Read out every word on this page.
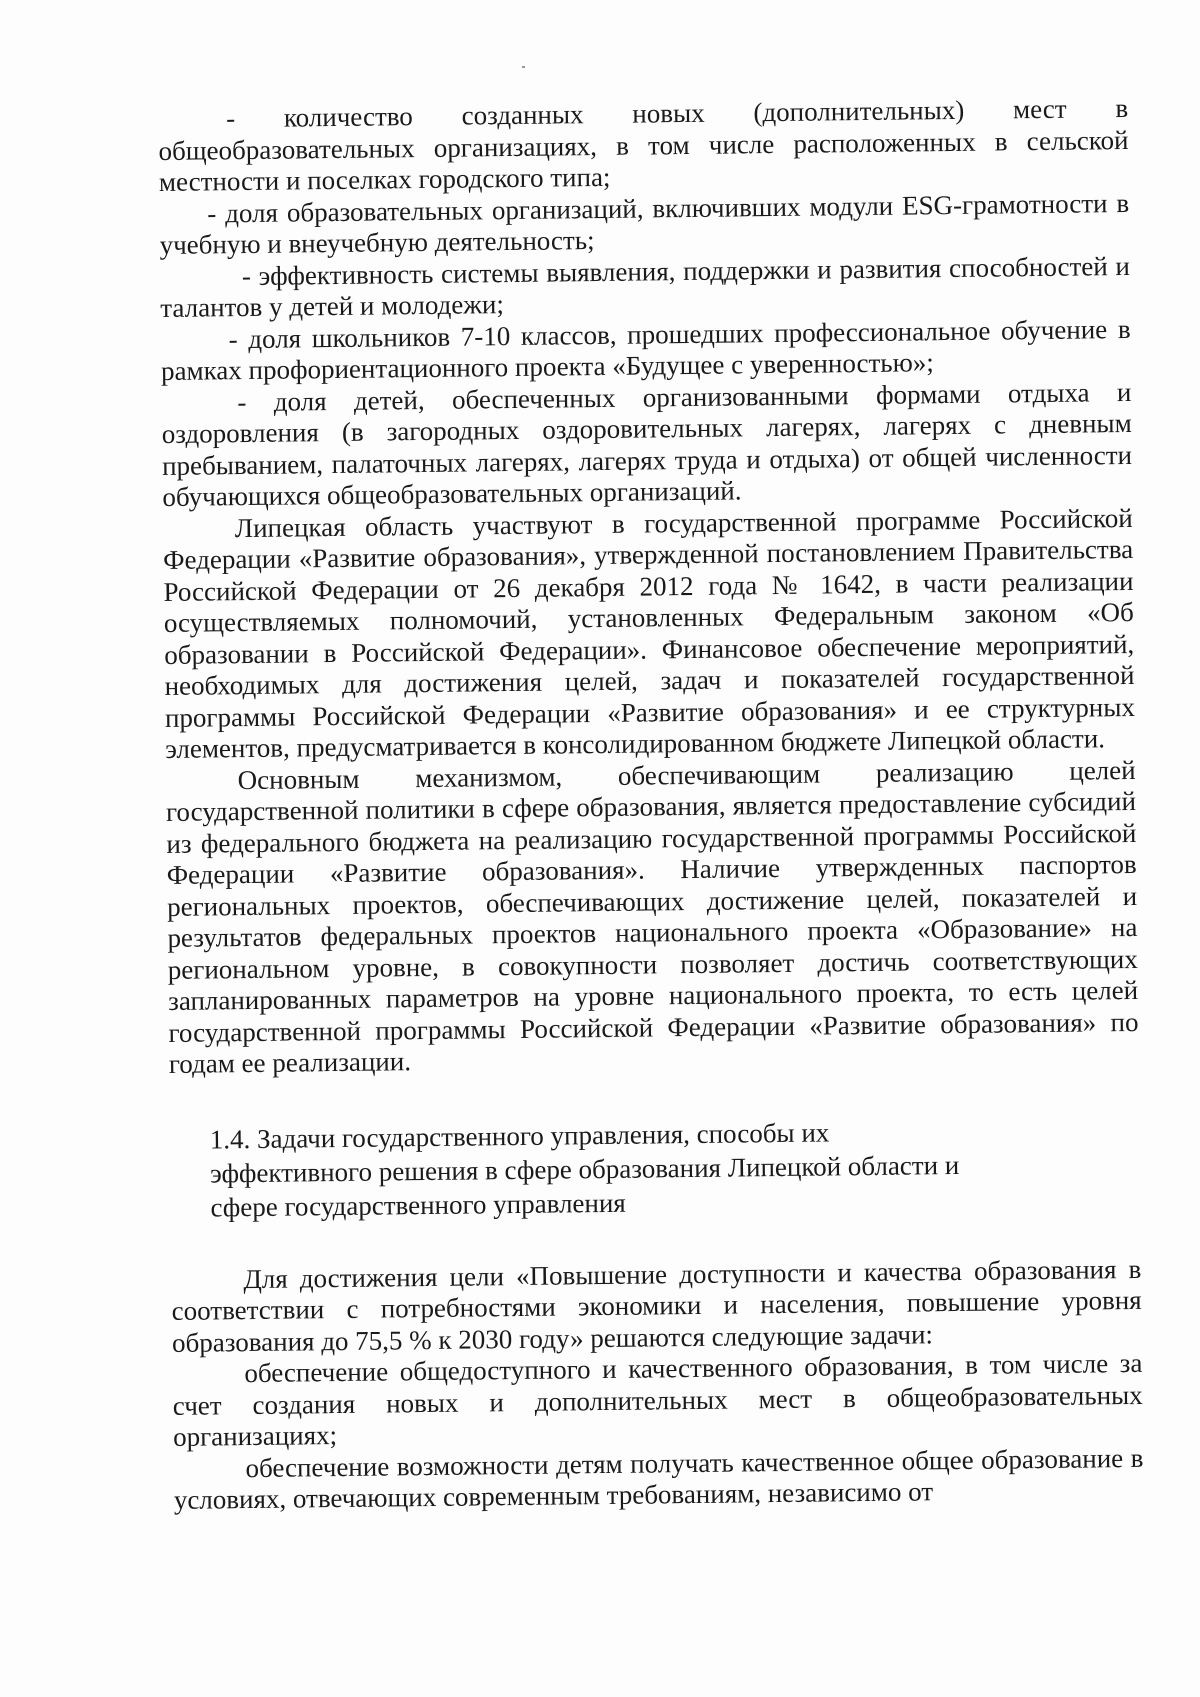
- количество созданных новых (дополнительных) мест в общеобразовательных организациях, в том числе расположенных в сельской местности и поселках городского типа;

- доля образовательных организаций, включивших модули ESG-грамотности в учебную и внеучебную деятельность;

- эффективность системы выявления, поддержки и развития способностей и талантов у детей и молодежи;

- доля школьников 7-10 классов, прошедших профессиональное обучение в рамках профориентационного проекта «Будущее с уверенностью»;

- доля детей, обеспеченных организованными формами отдыха и оздоровления (в загородных оздоровительных лагерях, лагерях с дневным пребыванием, палаточных лагерях, лагерях труда и отдыха) от общей численности обучающихся общеобразовательных организаций.

Липецкая область участвуют в государственной программе Российской Федерации «Развитие образования», утвержденной постановлением Правительства Российской Федерации от 26 декабря 2012 года № 1642, в части реализации осуществляемых полномочий, установленных Федеральным законом «Об образовании в Российской Федерации». Финансовое обеспечение мероприятий, необходимых для достижения целей, задач и показателей государственной программы Российской Федерации «Развитие образования» и ее структурных элементов, предусматривается в консолидированном бюджете Липецкой области.

Основным механизмом, обеспечивающим реализацию целей государственной политики в сфере образования, является предоставление субсидий из федерального бюджета на реализацию государственной программы Российской Федерации «Развитие образования». Наличие утвержденных паспортов региональных проектов, обеспечивающих достижение целей, показателей и результатов федеральных проектов национального проекта «Образование» на региональном уровне, в совокупности позволяет достичь соответствующих запланированных параметров на уровне национального проекта, то есть целей государственной программы Российской Федерации «Развитие образования» по годам ее реализации.

1.4. Задачи государственного управления, способы их
эффективного решения в сфере образования Липецкой области и
сфере государственного управления

Для достижения цели «Повышение доступности и качества образования в соответствии с потребностями экономики и населения, повышение уровня образования до 75,5 % к 2030 году» решаются следующие задачи:

обеспечение общедоступного и качественного образования, в том числе за счет создания новых и дополнительных мест в общеобразовательных организациях;

обеспечение возможности детям получать качественное общее образование в условиях, отвечающих современным требованиям, независимо от
